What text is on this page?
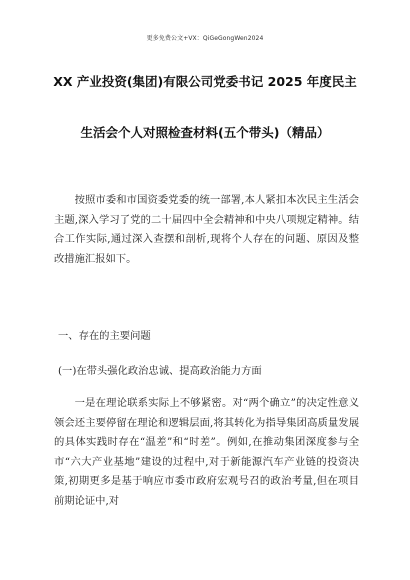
更多免费公文+VX：QiGeGongWen2024
XX 产业投资(集团)有限公司党委书记 2025 年度民主
生活会个人对照检查材料(五个带头)（精品）

按照市委和市国资委党委的统一部署,本人紧扣本次民主生活会主题,深入学习了党的二十届四中全会精神和中央八项规定精神。结合工作实际,通过深入查摆和剖析,现将个人存在的问题、原因及整改措施汇报如下。

一、存在的主要问题

(一)在带头强化政治忠诚、提高政治能力方面

一是在理论联系实际上不够紧密。对“两个确立”的决定性意义领会还主要停留在理论和逻辑层面,将其转化为指导集团高质量发展的具体实践时存在“温差”和“时差”。例如,在推动集团深度参与全市“六大产业基地”建设的过程中,对于新能源汽车产业链的投资决策,初期更多是基于响应市委市政府宏观号召的政治考量,但在项目前期论证中,对
